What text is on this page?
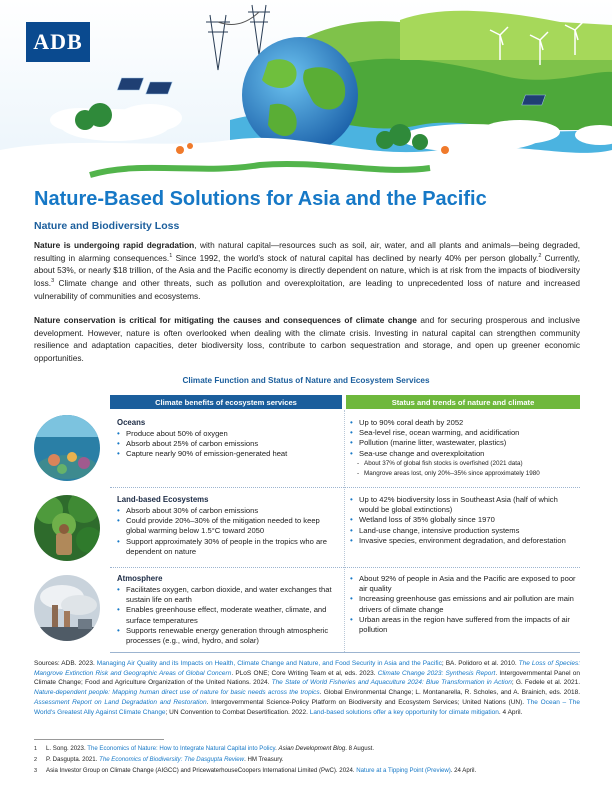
ADB
Nature-Based Solutions for Asia and the Pacific
Nature and Biodiversity Loss

Nature is undergoing rapid degradation, with natural capital—resources such as soil, air, water, and all plants and animals—being degraded, resulting in alarming consequences.$^1$ Since 1992, the world’s stock of natural capital has declined by nearly 40% per person globally.$^2$ Currently, about 53%, or nearly $18 trillion, of the Asia and the Pacific economy is directly dependent on nature, which is at risk from the impacts of biodiversity loss.$^3$ Climate change and other threats, such as pollution and overexploitation, are leading to unprecedented loss of nature and increased vulnerability of communities and ecosystems.

Nature conservation is critical for mitigating the causes and consequences of climate change and for securing prosperous and inclusive development. However, nature is often overlooked when dealing with the climate crisis. Investing in natural capital can strengthen community resilience and adaptation capacities, deter biodiversity loss, contribute to carbon sequestration and storage, and open up greener economic opportunities.

Climate Function and Status of Nature and Ecosystem Services
Climate benefits of ecosystem services	Status and trends of nature and climate
Oceans
• Produce about 50% of oxygen
• Absorb about 25% of carbon emissions
• Capture nearly 90% of emission-generated heat
• Up to 90% coral death by 2052
• Sea-level rise, ocean warming, and acidification
• Pollution (marine litter, wastewater, plastics)
• Sea-use change and overexploitation
- About 37% of global fish stocks is overfished (2021 data)
- Mangrove areas lost, only 20%–35% since approximately 1980
Land-based Ecosystems
• Absorb about 30% of carbon emissions
• Could provide 20%–30% of the mitigation needed to keep global warming below 1.5°C toward 2050
• Support approximately 30% of people in the tropics who are dependent on nature
• Up to 42% biodiversity loss in Southeast Asia (half of which would be global extinctions)
• Wetland loss of 35% globally since 1970
• Land-use change, intensive production systems
• Invasive species, environment degradation, and deforestation
Atmosphere
• Facilitates oxygen, carbon dioxide, and water exchanges that sustain life on earth
• Enables greenhouse effect, moderate weather, climate, and surface temperatures
• Supports renewable energy generation through atmospheric processes (e.g., wind, hydro, and solar)
• About 92% of people in Asia and the Pacific are exposed to poor air quality
• Increasing greenhouse gas emissions and air pollution are main drivers of climate change
• Urban areas in the region have suffered from the impacts of air pollution

Sources: ADB. 2023. Managing Air Quality and its Impacts on Health, Climate Change and Nature, and Food Security in Asia and the Pacific; BA. Polidoro et al. 2010. The Loss of Species: Mangrove Extinction Risk and Geographic Areas of Global Concern. PLoS ONE; Core Writing Team et al, eds. 2023. Climate Change 2023: Synthesis Report. Intergovernmental Panel on Climate Change; Food and Agriculture Organization of the United Nations. 2024. The State of World Fisheries and Aquaculture 2024: Blue Transformation in Action; G. Fedele et al. 2021. Nature-dependent people: Mapping human direct use of nature for basic needs across the tropics. Global Environmental Change; L. Montanarella, R. Scholes, and A. Brainich, eds. 2018. Assessment Report on Land Degradation and Restoration. Intergovernmental Science-Policy Platform on Biodiversity and Ecosystem Services; United Nations (UN). The Ocean – The World's Greatest Ally Against Climate Change; UN Convention to Combat Desertification. 2022. Land-based solutions offer a key opportunity for climate mitigation. 4 April.

1 L. Song. 2023. The Economics of Nature: How to Integrate Natural Capital into Policy. Asian Development Blog. 8 August.
2 P. Dasgupta. 2021. The Economics of Biodiversity: The Dasgupta Review. HM Treasury.
3 Asia Investor Group on Climate Change (AIGCC) and PricewaterhouseCoopers International Limited (PwC). 2024. Nature at a Tipping Point (Preview). 24 April.
